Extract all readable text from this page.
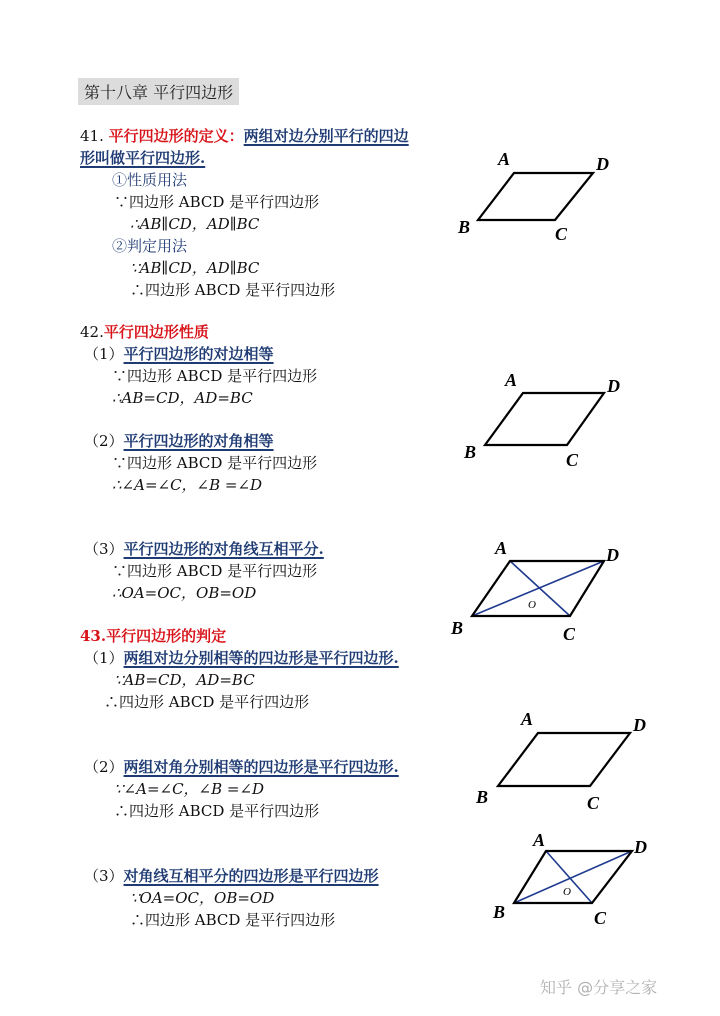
第十八章 平行四边形
41. 平行四边形的定义：两组对边分别平行的四边
形叫做平行四边形.
①性质用法
∵四边形 ABCD 是平行四边形
∴AB∥CD，AD∥BC
②判定用法
∵AB∥CD，AD∥BC
∴四边形 ABCD 是平行四边形
42.平行四边形性质
（1）平行四边形的对边相等
∵四边形 ABCD 是平行四边形
∴AB=CD，AD=BC
（2）平行四边形的对角相等
∵四边形 ABCD 是平行四边形
∴∠A=∠C，∠B =∠D
（3）平行四边形的对角线互相平分.
∵四边形 ABCD 是平行四边形
∴OA=OC，OB=OD
43.平行四边形的判定
（1）两组对边分别相等的四边形是平行四边形.
∵AB=CD，AD=BC
∴四边形 ABCD 是平行四边形
（2）两组对角分别相等的四边形是平行四边形.
∵∠A=∠C，∠B =∠D
∴四边形 ABCD 是平行四边形
（3）对角线互相平分的四边形是平行四边形
∵OA=OC，OB=OD
∴四边形 ABCD 是平行四边形
A	D
B	C
A	D
B	C
A	D
B	C
O
A	D
B	C
A	D
B	C
O
知乎 @分享之家
